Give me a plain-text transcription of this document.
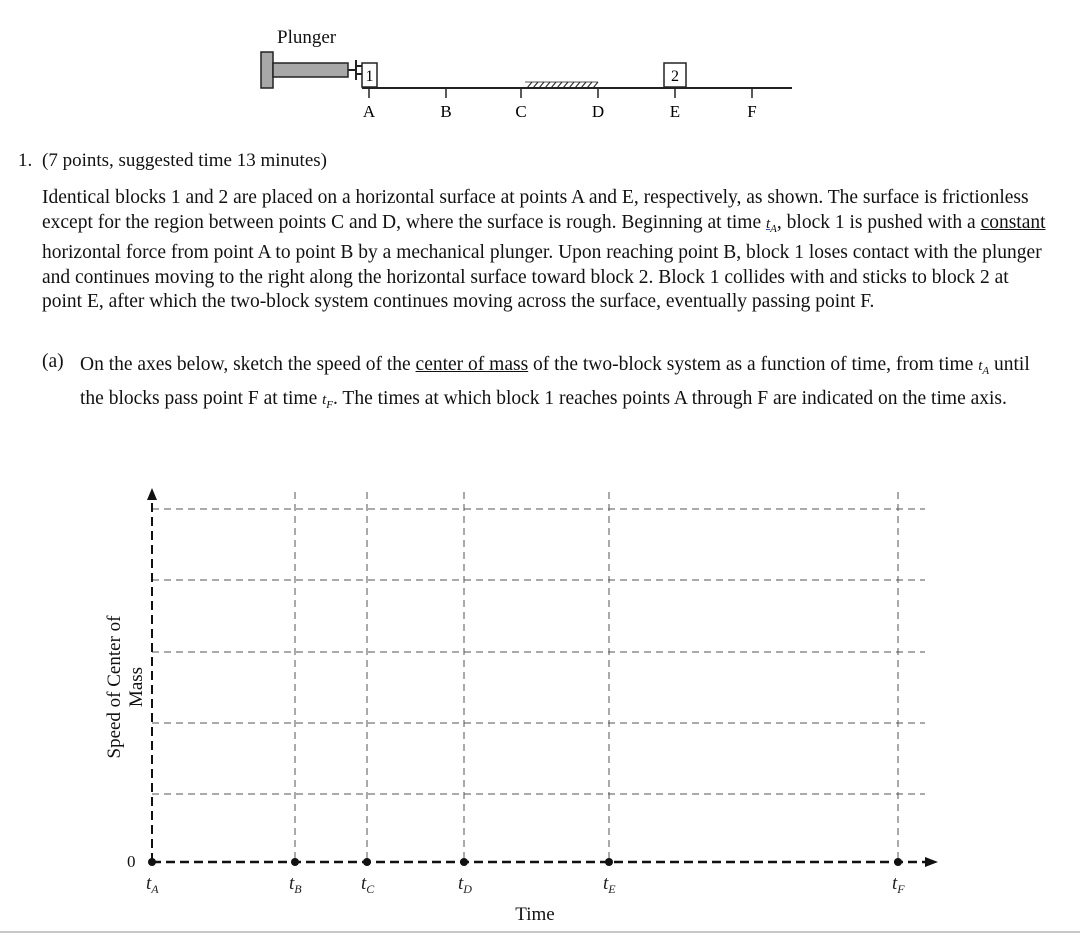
1	2
A	B	C	D	E	F
Plunger
1. (7 points, suggested time 13 minutes)
Identical blocks 1 and 2 are placed on a horizontal surface at points A and E, respectively, as shown. The surface is frictionless except for the region between points C and D, where the surface is rough. Beginning at time $t_A$, block 1 is pushed with a constant horizontal force from point A to point B by a mechanical plunger. Upon reaching point B, block 1 loses contact with the plunger and continues moving to the right along the horizontal surface toward block 2. Block 1 collides with and sticks to block 2 at point E, after which the two-block system continues moving across the surface, eventually passing point F.
(a) On the axes below, sketch the speed of the center of mass of the two-block system as a function of time, from time $t_A$ until the blocks pass point F at time $t_F$. The times at which block 1 reaches points A through F are indicated on the time axis.
$t_A$	$t_B$	$t_C$	$t_D$	$t_E$	$t_F$
Speed of Center of Mass
Time
0
